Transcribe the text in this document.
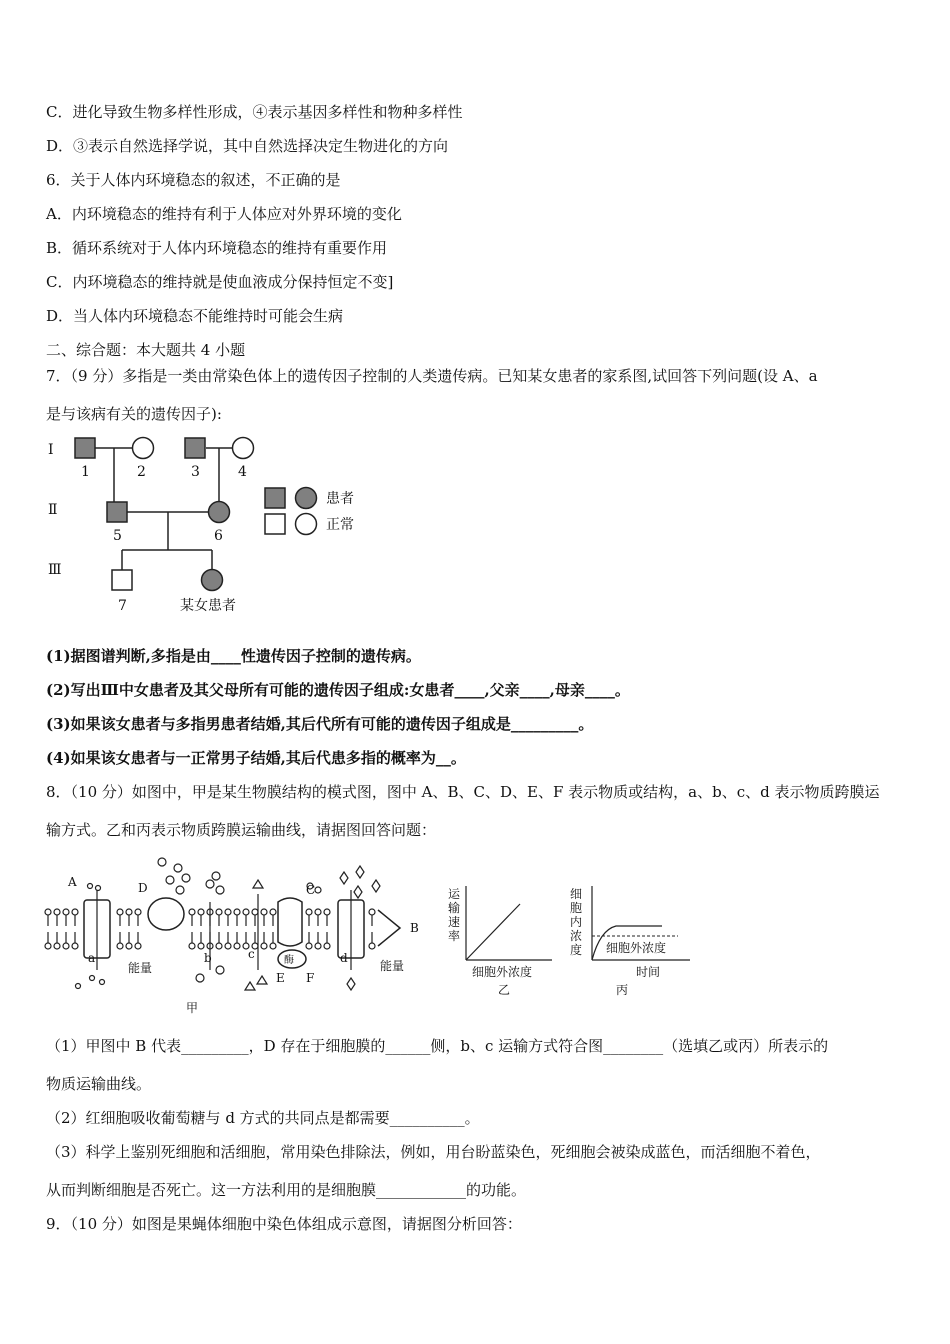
C．进化导致生物多样性形成，④表示基因多样性和物种多样性
D．③表示自然选择学说，其中自然选择决定生物进化的方向
6．关于人体内环境稳态的叙述，不正确的是
A．内环境稳态的维持有利于人体应对外界环境的变化
B．循环系统对于人体内环境稳态的维持有重要作用
C．内环境稳态的维持就是使血液成分保持恒定不变]
D．当人体内环境稳态不能维持时可能会生病
二、综合题：本大题共 4 小题
7．（9 分）多指是一类由常染色体上的遗传因子控制的人类遗传病。已知某女患者的家系图,试回答下列问题(设 A、a
是与该病有关的遗传因子):
Ⅰ
Ⅱ
Ⅲ
1	2	3	4
5	6
7	某女患者
患者
正常
(1)据图谱判断,多指是由____性遗传因子控制的遗传病。
(2)写出Ⅲ中女患者及其父母所有可能的遗传因子组成:女患者____,父亲____,母亲____。
(3)如果该女患者与多指男患者结婚,其后代所有可能的遗传因子组成是_________。
(4)如果该女患者与一正常男子结婚,其后代患多指的概率为__。
8．（10 分）如图中，甲是某生物膜结构的模式图，图中 A、B、C、D、E、F 表示物质或结构，a、b、c、d 表示物质跨膜运
输方式。乙和丙表示物质跨膜运输曲线，请据图回答问题：
A
B
C
D
E F
a	b	c	d
能量	能量
酶
甲
运
输
速
率
细胞外浓度
乙
细
胞
内
浓
度 细胞外浓度
时间
丙
（1）甲图中 B 代表_________，D 存在于细胞膜的______侧，b、c 运输方式符合图________（选填乙或丙）所表示的
物质运输曲线。
（2）红细胞吸收葡萄糖与 d 方式的共同点是都需要__________。
（3）科学上鉴别死细胞和活细胞，常用染色排除法，例如，用台盼蓝染色，死细胞会被染成蓝色，而活细胞不着色，
从而判断细胞是否死亡。这一方法利用的是细胞膜____________的功能。
9．（10 分）如图是果蝇体细胞中染色体组成示意图，请据图分析回答：
